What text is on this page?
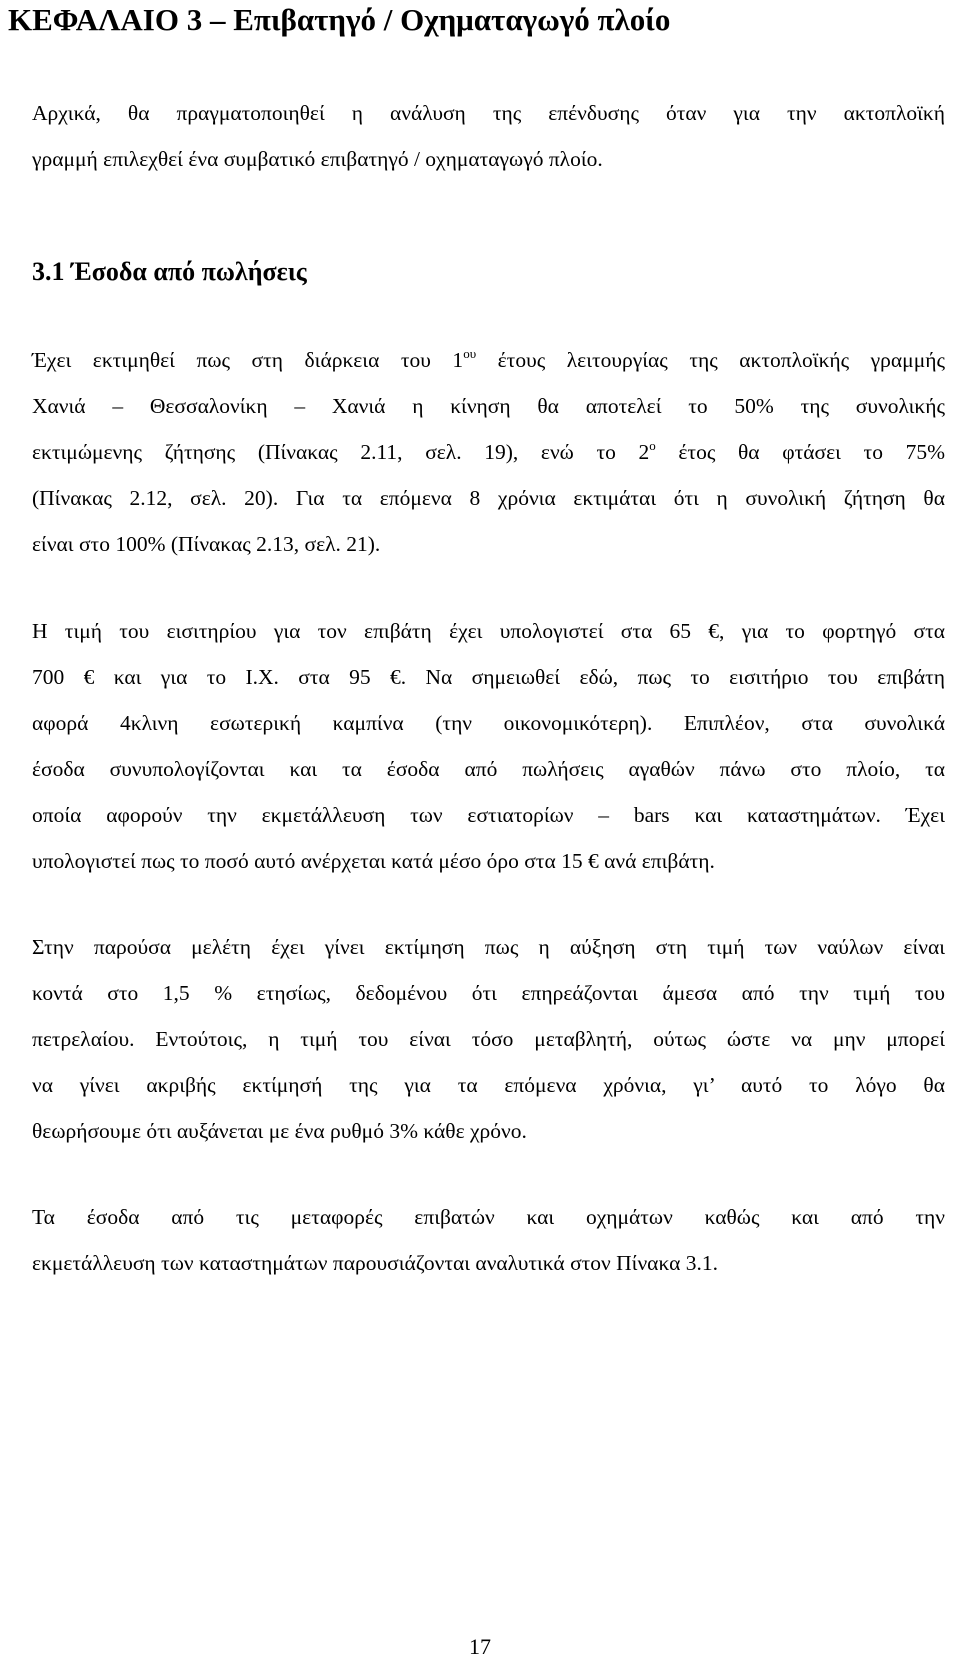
ΚΕΦΑΛΑΙΟ 3 – Επιβατηγό / Οχηματαγωγό πλοίο

Αρχικά, θα πραγματοποιηθεί η ανάλυση της επένδυσης όταν για την ακτοπλοϊκή
γραμμή επιλεχθεί ένα συμβατικό επιβατηγό / οχηματαγωγό πλοίο.

3.1 Έσοδα από πωλήσεις

Έχει εκτιμηθεί πως στη διάρκεια του $1^{o\upsilon}$ έτους λειτουργίας της ακτοπλοϊκής γραμμής
Χανιά – Θεσσαλονίκη – Χανιά η κίνηση θα αποτελεί το 50% της συνολικής
εκτιμώμενης ζήτησης (Πίνακας 2.11, σελ. 19), ενώ το $2^o$ έτος θα φτάσει το 75%
(Πίνακας 2.12, σελ. 20). Για τα επόμενα 8 χρόνια εκτιμάται ότι η συνολική ζήτηση θα
είναι στο 100% (Πίνακας 2.13, σελ. 21).

Η τιμή του εισιτηρίου για τον επιβάτη έχει υπολογιστεί στα 65 €, για το φορτηγό στα
700 € και για το Ι.Χ. στα 95 €. Να σημειωθεί εδώ, πως το εισιτήριο του επιβάτη
αφορά 4κλινη εσωτερική καμπίνα (την οικονομικότερη). Επιπλέον, στα συνολικά
έσοδα συνυπολογίζονται και τα έσοδα από πωλήσεις αγαθών πάνω στο πλοίο, τα
οποία αφορούν την εκμετάλλευση των εστιατορίων – bars και καταστημάτων. Έχει
υπολογιστεί πως το ποσό αυτό ανέρχεται κατά μέσο όρο στα 15 € ανά επιβάτη.

Στην παρούσα μελέτη έχει γίνει εκτίμηση πως η αύξηση στη τιμή των ναύλων είναι
κοντά στο 1,5 % ετησίως, δεδομένου ότι επηρεάζονται άμεσα από την τιμή του
πετρελαίου. Εντούτοις, η τιμή του είναι τόσο μεταβλητή, ούτως ώστε να μην μπορεί
να γίνει ακριβής εκτίμησή της για τα επόμενα χρόνια, γι’ αυτό το λόγο θα
θεωρήσουμε ότι αυξάνεται με ένα ρυθμό 3% κάθε χρόνο.

Τα έσοδα από τις μεταφορές επιβατών και οχημάτων καθώς και από την
εκμετάλλευση των καταστημάτων παρουσιάζονται αναλυτικά στον Πίνακα 3.1.

17
